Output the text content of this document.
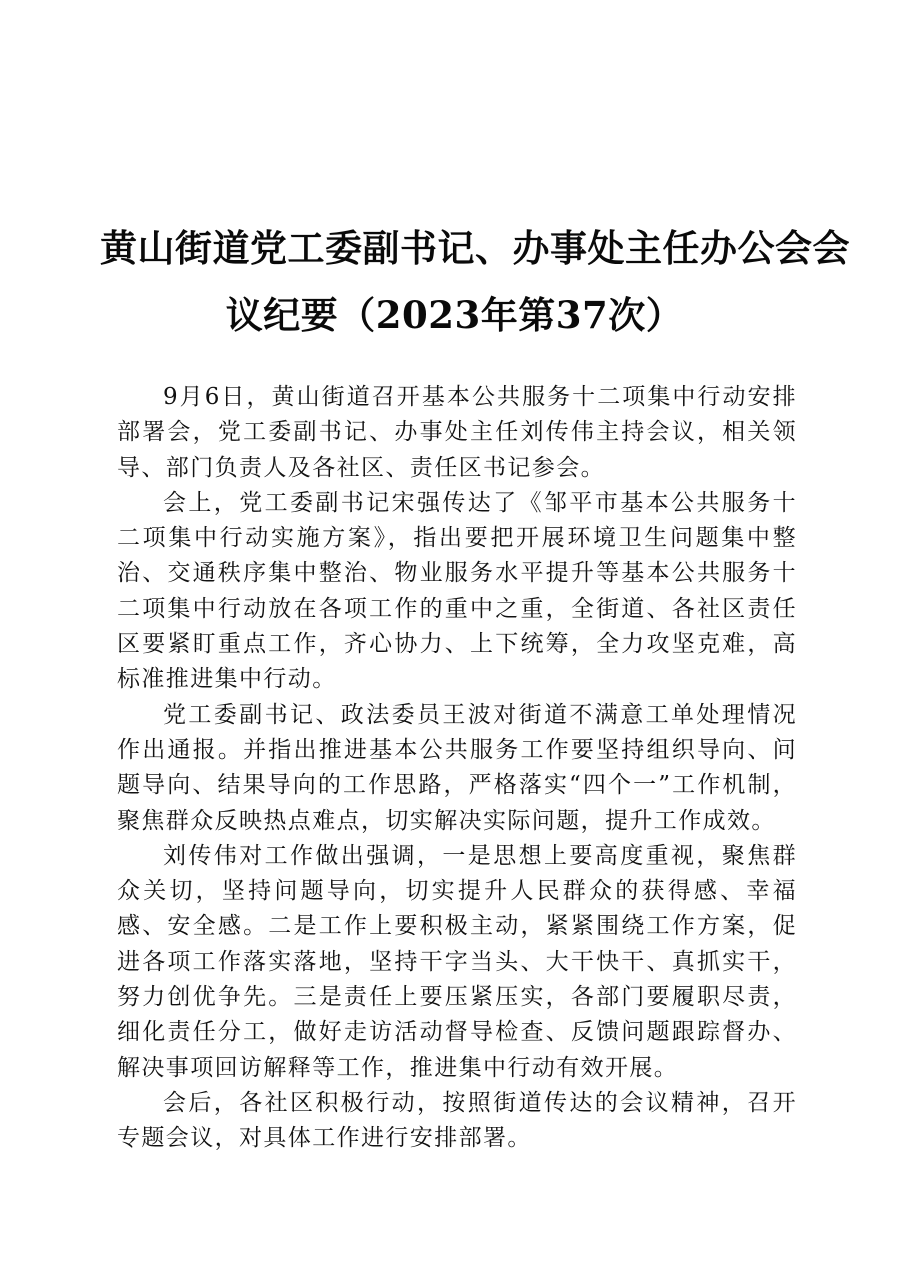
黄山街道党工委副书记、办事处主任办公会会
议纪要（2023年第37次）

9月6日，黄山街道召开基本公共服务十二项集中行动安排部署会，党工委副书记、办事处主任刘传伟主持会议，相关领导、部门负责人及各社区、责任区书记参会。

会上，党工委副书记宋强传达了《邹平市基本公共服务十二项集中行动实施方案》，指出要把开展环境卫生问题集中整治、交通秩序集中整治、物业服务水平提升等基本公共服务十二项集中行动放在各项工作的重中之重，全街道、各社区责任区要紧盯重点工作，齐心协力、上下统筹，全力攻坚克难，高标准推进集中行动。

党工委副书记、政法委员王波对街道不满意工单处理情况作出通报。并指出推进基本公共服务工作要坚持组织导向、问题导向、结果导向的工作思路，严格落实“四个一”工作机制，聚焦群众反映热点难点，切实解决实际问题，提升工作成效。

刘传伟对工作做出强调，一是思想上要高度重视，聚焦群众关切，坚持问题导向，切实提升人民群众的获得感、幸福感、安全感。二是工作上要积极主动，紧紧围绕工作方案，促进各项工作落实落地，坚持干字当头、大干快干、真抓实干，努力创优争先。三是责任上要压紧压实，各部门要履职尽责，细化责任分工，做好走访活动督导检查、反馈问题跟踪督办、解决事项回访解释等工作，推进集中行动有效开展。

会后，各社区积极行动，按照街道传达的会议精神，召开专题会议，对具体工作进行安排部署。
